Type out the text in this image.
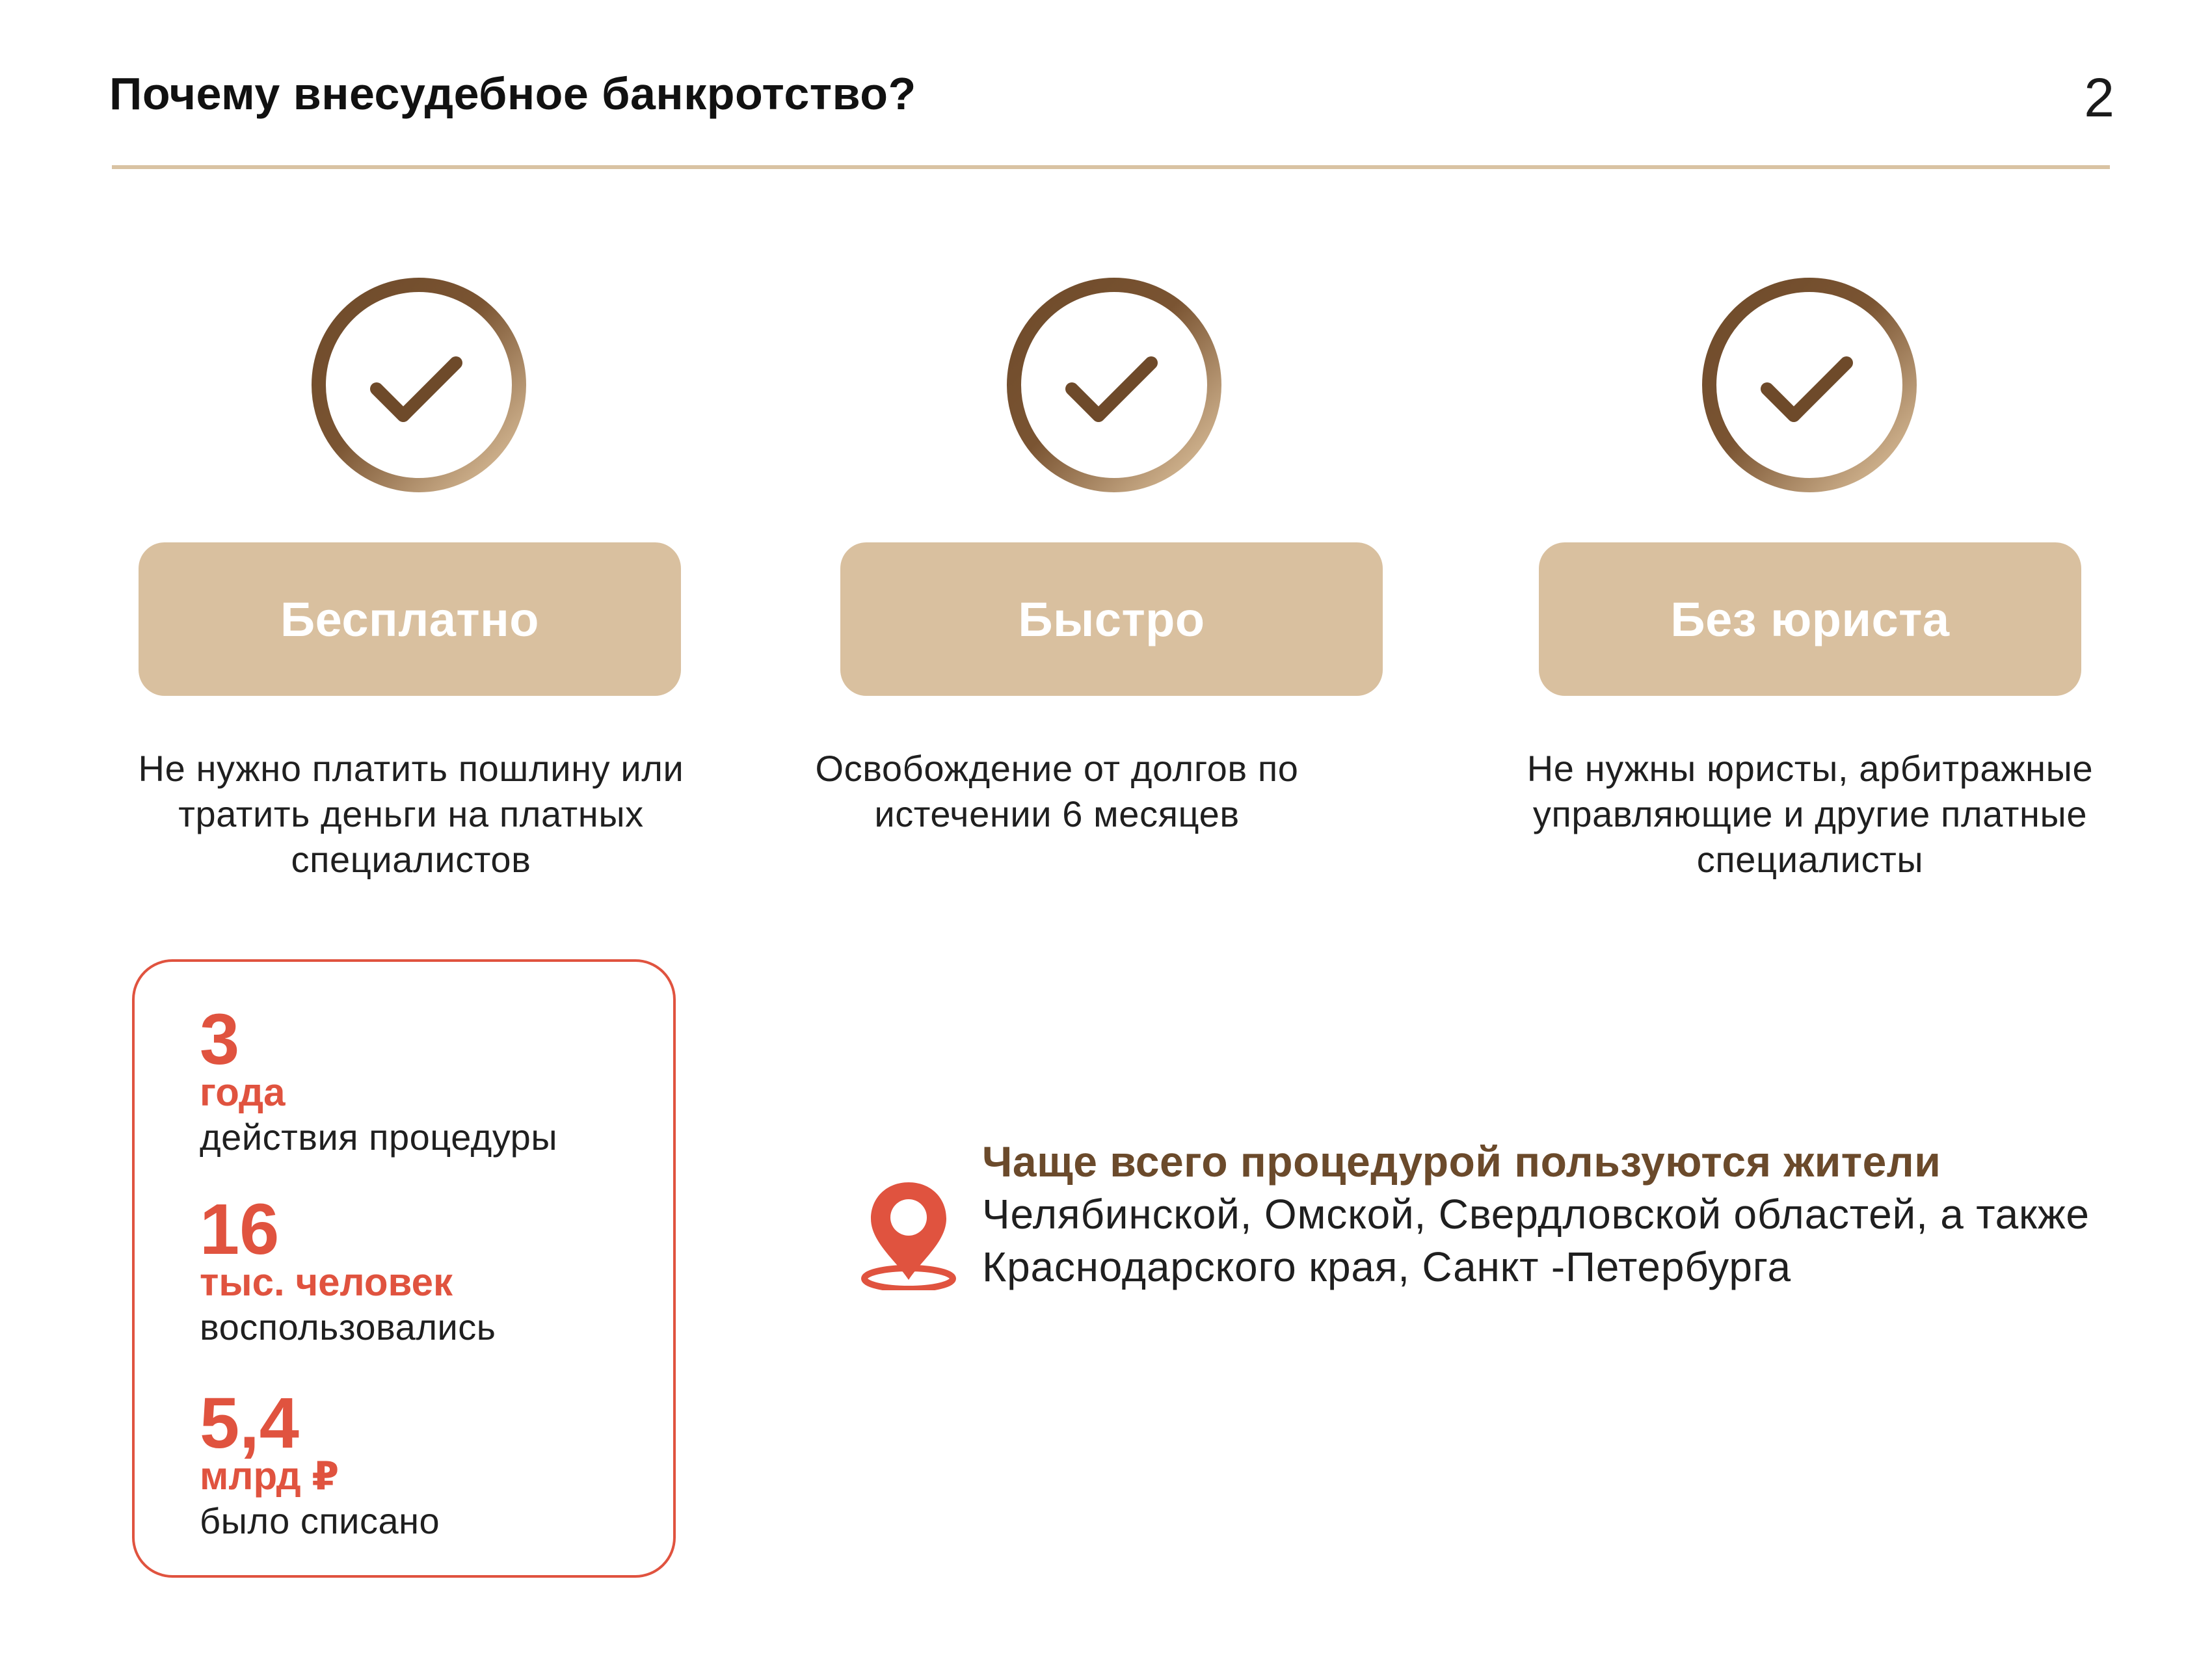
Почему внесудебное банкротство?	2
Бесплатно
Не нужно платить пошлину или тратить деньги на платных специалистов
Быстро
Освобождение от долгов по истечении 6 месяцев
Без юриста
Не нужны юристы, арбитражные управляющие и другие платные специалисты
3
года
действия процедуры
16
тыс. человек
воспользовались
5,4
млрд ₽
было списано
Чаще всего процедурой пользуются жители
Челябинской, Омской, Свердловской областей, а также Краснодарского края, Санкт -Петербурга
